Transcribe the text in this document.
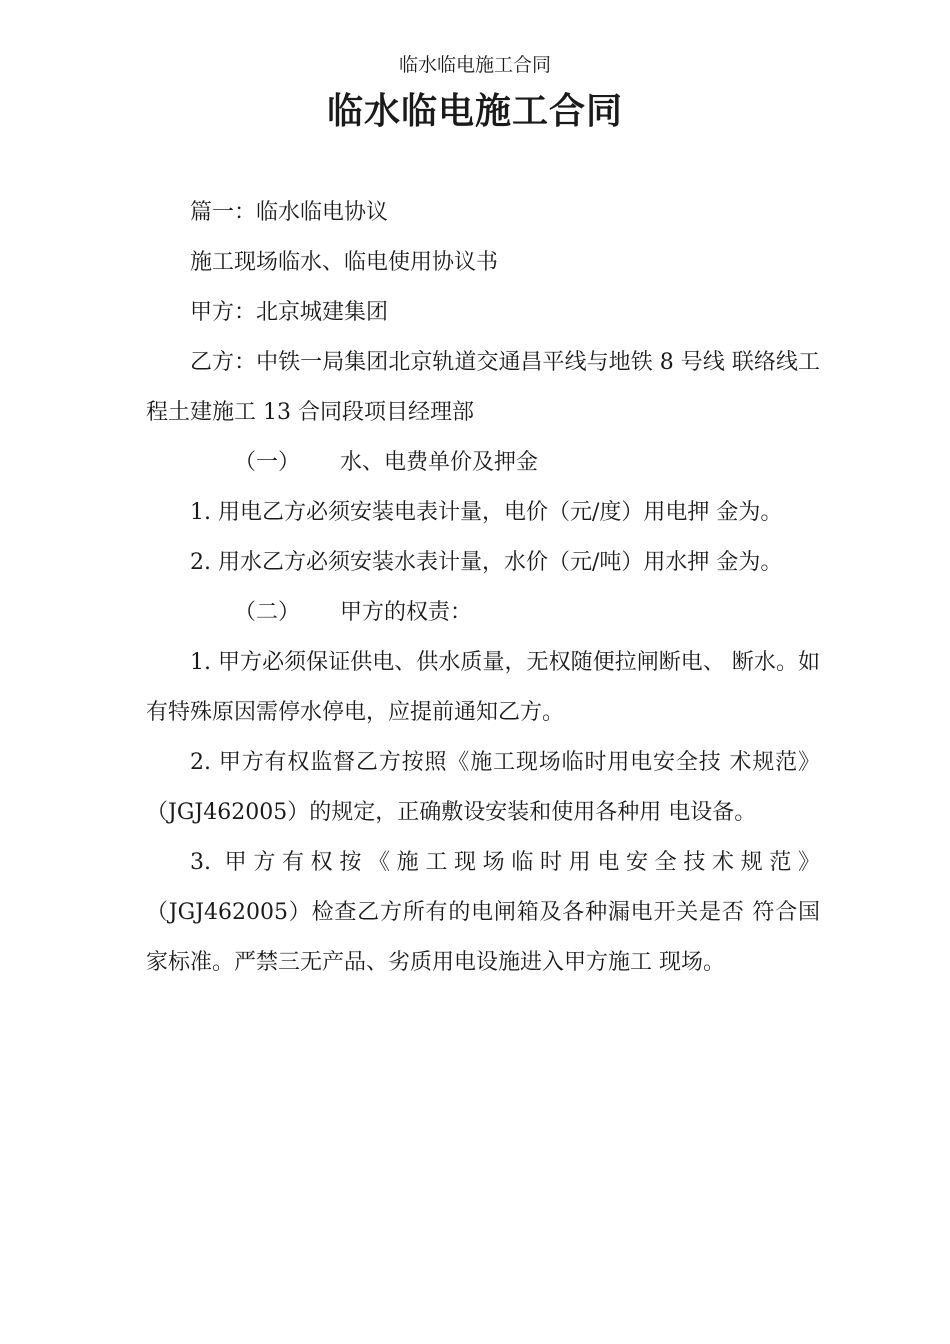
临水临电施工合同
临水临电施工合同

篇一：临水临电协议

施工现场临水、临电使用协议书

甲方：北京城建集团

乙方：中铁一局集团北京轨道交通昌平线与地铁 8 号线 联络线工程土建施工 13 合同段项目经理部

（一） 水、电费单价及押金

1. 用电乙方必须安装电表计量，电价（元/度）用电押 金为。

2. 用水乙方必须安装水表计量，水价（元/吨）用水押 金为。

（二） 甲方的权责：

1. 甲方必须保证供电、供水质量，无权随便拉闸断电、 断水。如有特殊原因需停水停电，应提前通知乙方。

2. 甲方有权监督乙方按照《施工现场临时用电安全技 术规范》（JGJ462005）的规定，正确敷设安装和使用各种用 电设备。

3. 甲方有权按《施工现场临时用电安全技术规范》（JGJ462005）检查乙方所有的电闸箱及各种漏电开关是否 符合国家标准。严禁三无产品、劣质用电设施进入甲方施工 现场。
